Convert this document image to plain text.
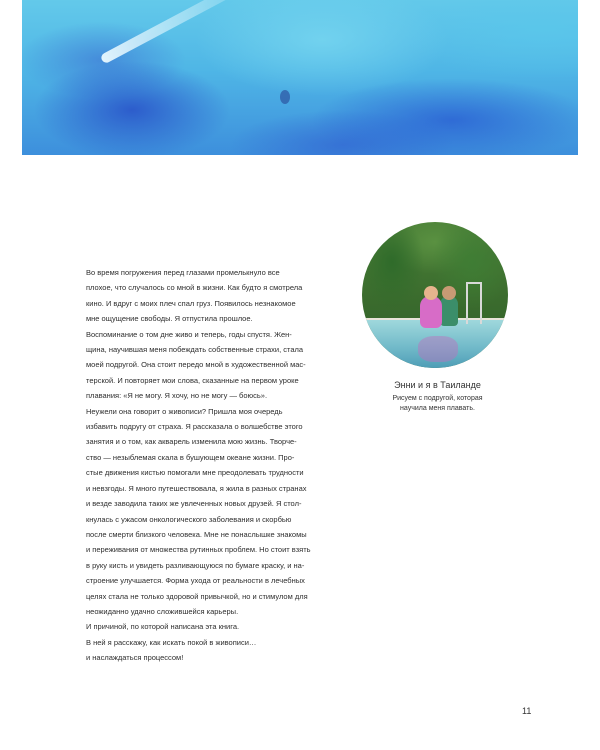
Энни и я в Таиланде
Рисуем с подругой, которая
научила меня плавать.
Во время погружения перед глазами промелькнуло все
плохое, что случалось со мной в жизни. Как будто я смотрела
кино. И вдруг с моих плеч спал груз. Появилось незнакомое
мне ощущение свободы. Я отпустила прошлое.
Воспоминание о том дне живо и теперь, годы спустя. Жен-
щина, научившая меня побеждать собственные страхи, стала
моей подругой. Она стоит передо мной в художественной мас-
терской. И повторяет мои слова, сказанные на первом уроке
плавания: «Я не могу. Я хочу, но не могу — боюсь».
Неужели она говорит о живописи? Пришла моя очередь
избавить подругу от страха. Я рассказала о волшебстве этого
занятия и о том, как акварель изменила мою жизнь. Творче-
ство — незыблемая скала в бушующем океане жизни. Про-
стые движения кистью помогали мне преодолевать трудности
и невзгоды. Я много путешествовала, я жила в разных странах
и везде заводила таких же увлеченных новых друзей. Я стол-
кнулась с ужасом онкологического заболевания и скорбью
после смерти близкого человека. Мне не понаслышке знакомы
и переживания от множества рутинных проблем. Но стоит взять
в руку кисть и увидеть разливающуюся по бумаге краску, и на-
строение улучшается. Форма ухода от реальности в лечебных
целях стала не только здоровой привычкой, но и стимулом для
неожиданно удачно сложившейся карьеры.
И причиной, по которой написана эта книга.
В ней я расскажу, как искать покой в живописи…
и наслаждаться процессом!
11
